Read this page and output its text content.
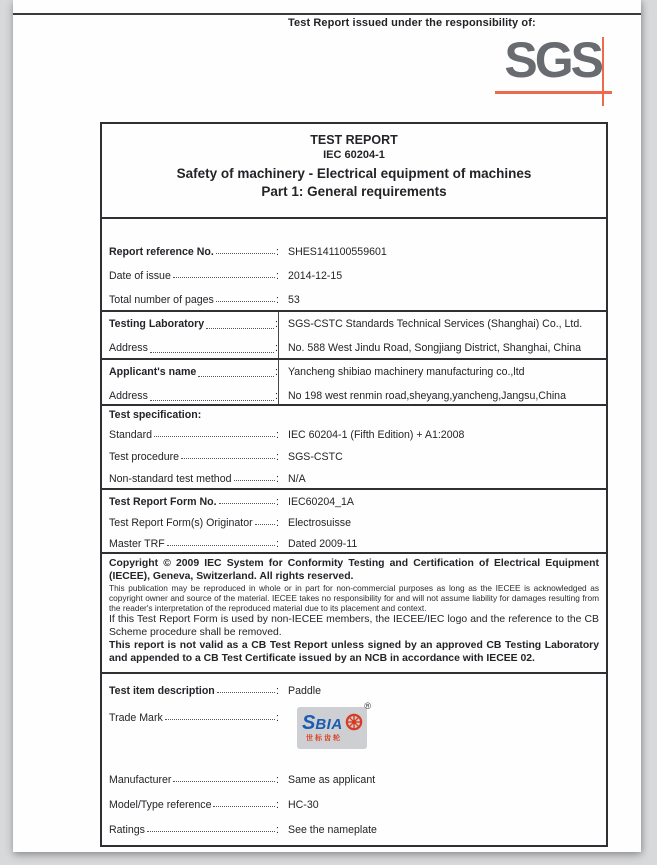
Test Report issued under the responsibility of:
SGS
TEST REPORT
IEC 60204-1
Safety of machinery - Electrical equipment of machines
Part 1: General requirements
Report reference No.
:	SHES141100559601
Date of issue
:	2014-12-15
Total number of pages
:	53
Testing Laboratory
:	SGS-CSTC Standards Technical Services (Shanghai) Co., Ltd.
Address
:	No. 588 West Jindu Road, Songjiang District, Shanghai, China
Applicant's name
:	Yancheng shibiao machinery manufacturing co.,ltd
Address
:	No 198 west renmin road,sheyang,yancheng,Jangsu,China
Test specification:
Standard
:	IEC 60204-1 (Fifth Edition) + A1:2008
Test procedure
:	SGS-CSTC
Non-standard test method
:	N/A
Test Report Form No.
:	IEC60204_1A
Test Report Form(s) Originator
:	Electrosuisse
Master TRF
:	Dated 2009-11

Copyright © 2009 IEC System for Conformity Testing and Certification of Electrical Equipment (IECEE), Geneva, Switzerland. All rights reserved.

This publication may be reproduced in whole or in part for non-commercial purposes as long as the IECEE is acknowledged as copyright owner and source of the material. IECEE takes no responsibility for and will not assume liability for damages resulting from the reader's interpretation of the reproduced material due to its placement and context.

If this Test Report Form is used by non-IECEE members, the IECEE/IEC logo and the reference to the CB Scheme procedure shall be removed.

This report is not valid as a CB Test Report unless signed by an approved CB Testing Laboratory and appended to a CB Test Certificate issued by an NCB in accordance with IECEE 02.

Test item description
:	Paddle
Trade Mark
:	S BIA
世标齿轮
®
Manufacturer
:	Same as applicant
Model/Type reference
:	HC-30
Ratings
:	See the nameplate
